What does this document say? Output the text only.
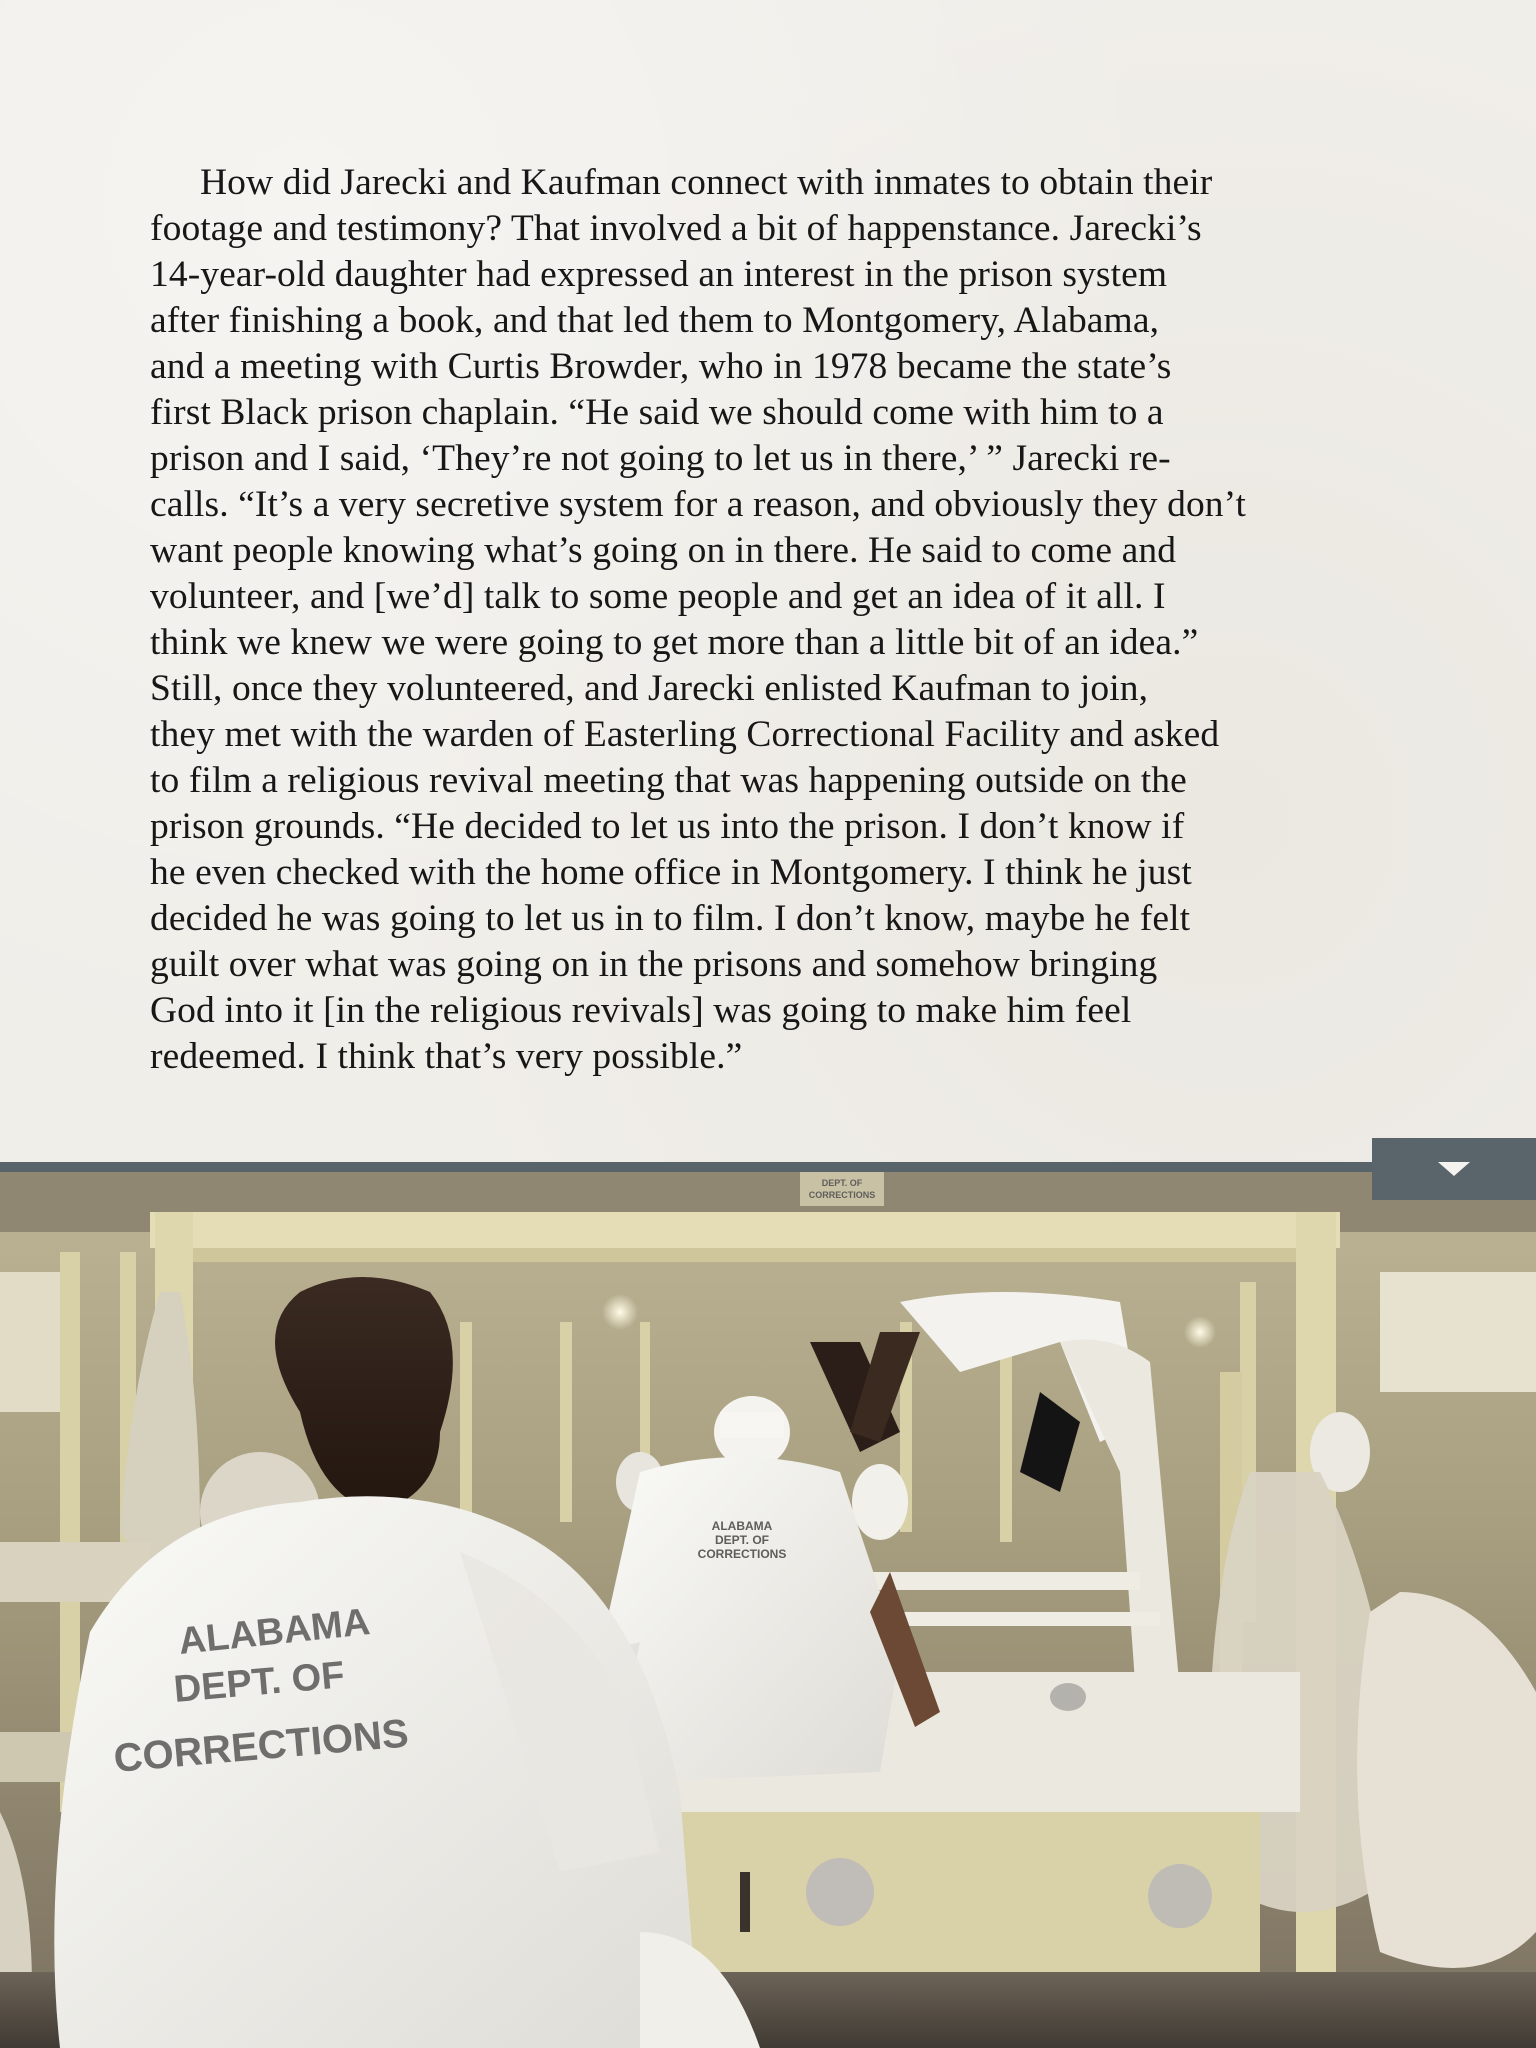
How did Jarecki and Kaufman connect with inmates to obtain their
footage and testimony? That involved a bit of happenstance. Jarecki’s
14-year-old daughter had expressed an interest in the prison system
after finishing a book, and that led them to Montgomery, Alabama,
and a meeting with Curtis Browder, who in 1978 became the state’s
first Black prison chaplain. “He said we should come with him to a
prison and I said, ‘They’re not going to let us in there,’ ” Jarecki re-
calls. “It’s a very secretive system for a reason, and obviously they don’t
want people knowing what’s going on in there. He said to come and
volunteer, and [we’d] talk to some people and get an idea of it all. I
think we knew we were going to get more than a little bit of an idea.”
Still, once they volunteered, and Jarecki enlisted Kaufman to join,
they met with the warden of Easterling Correctional Facility and asked
to film a religious revival meeting that was happening outside on the
prison grounds. “He decided to let us into the prison. I don’t know if
he even checked with the home office in Montgomery. I think he just
decided he was going to let us in to film. I don’t know, maybe he felt
guilt over what was going on in the prisons and somehow bringing
God into it [in the religious revivals] was going to make him feel
redeemed. I think that’s very possible.”
DEPT. OF
CORRECTIONS
ALABAMA
DEPT. OF
CORRECTIONS
ALABAMA
DEPT. OF
CORRECTIONS
